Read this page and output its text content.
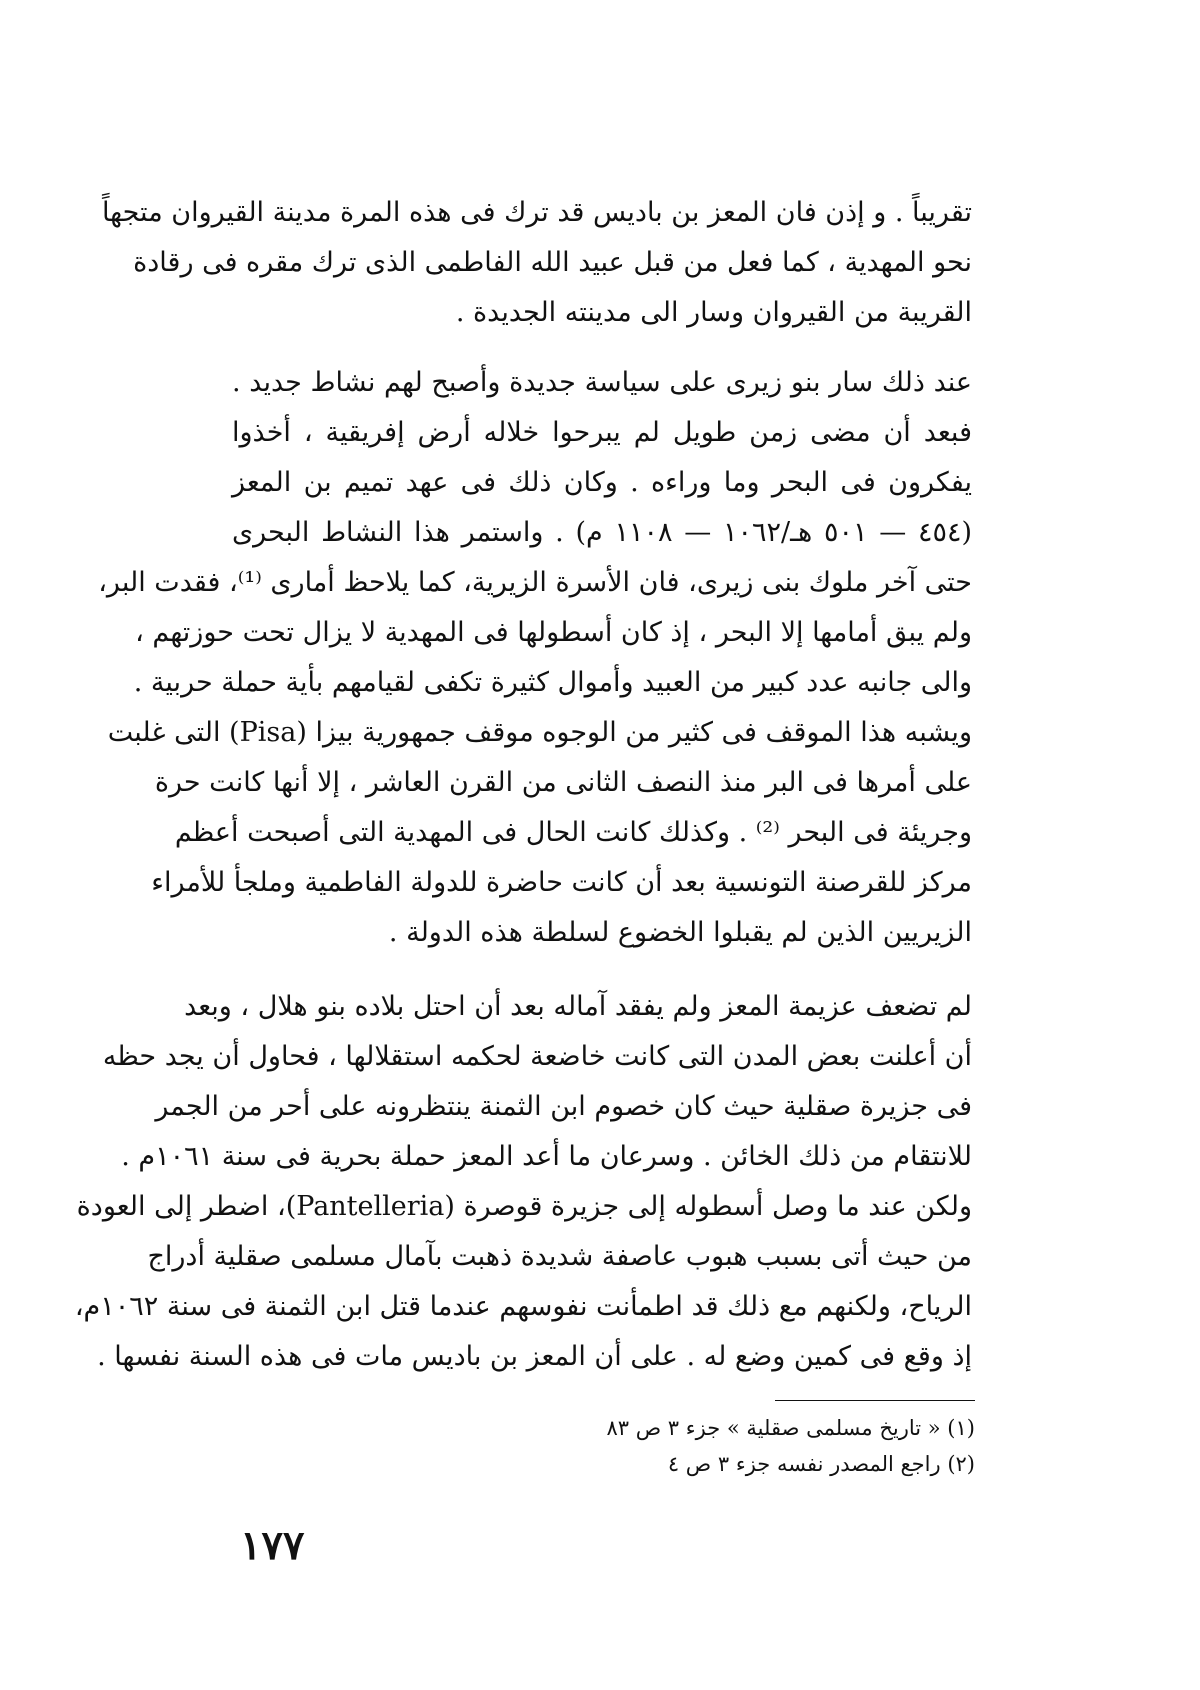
تقريباً . و إذن فان المعز بن باديس قد ترك فى هذه المرة مدينة القيروان متجهاً
نحو المهدية ، كما فعل من قبل عبيد الله الفاطمى الذى ترك مقره فى رقادة
القريبة من القيروان وسار الى مدينته الجديدة .
عند ذلك سار بنو زيرى على سياسة جديدة وأصبح لهم نشاط جديد .
فبعد أن مضى زمن طويل لم يبرحوا خلاله أرض إفريقية ، أخذوا
يفكرون فى البحر وما وراءه . وكان ذلك فى عهد تميم بن المعز
(٤٥٤ — ٥٠١ هـ/١٠٦٢ — ١١٠٨ م) . واستمر هذا النشاط البحرى
حتى آخر ملوك بنى زيرى، فان الأسرة الزيرية، كما يلاحظ أمارى ⁽¹⁾، فقدت البر،
ولم يبق أمامها إلا البحر ، إذ كان أسطولها فى المهدية لا يزال تحت حوزتهم ،
والى جانبه عدد كبير من العبيد وأموال كثيرة تكفى لقيامهم بأية حملة حربية .
ويشبه هذا الموقف فى كثير من الوجوه موقف جمهورية بيزا (Pisa) التى غلبت
على أمرها فى البر منذ النصف الثانى من القرن العاشر ، إلا أنها كانت حرة
وجريئة فى البحر ⁽²⁾ . وكذلك كانت الحال فى المهدية التى أصبحت أعظم
مركز للقرصنة التونسية بعد أن كانت حاضرة للدولة الفاطمية وملجأ للأمراء
الزيريين الذين لم يقبلوا الخضوع لسلطة هذه الدولة .
لم تضعف عزيمة المعز ولم يفقد آماله بعد أن احتل بلاده بنو هلال ، وبعد
أن أعلنت بعض المدن التى كانت خاضعة لحكمه استقلالها ، فحاول أن يجد حظه
فى جزيرة صقلية حيث كان خصوم ابن الثمنة ينتظرونه على أحر من الجمر
للانتقام من ذلك الخائن . وسرعان ما أعد المعز حملة بحرية فى سنة ١٠٦١م .
ولكن عند ما وصل أسطوله إلى جزيرة قوصرة (Pantelleria)، اضطر إلى العودة
من حيث أتى بسبب هبوب عاصفة شديدة ذهبت بآمال مسلمى صقلية أدراج
الرياح، ولكنهم مع ذلك قد اطمأنت نفوسهم عندما قتل ابن الثمنة فى سنة ١٠٦٢م،
إذ وقع فى كمين وضع له . على أن المعز بن باديس مات فى هذه السنة نفسها .
(١) « تاريخ مسلمى صقلية » جزء ٣ ص ٨٣
(٢) راجع المصدر نفسه جزء ٣ ص ٤
١٧٧
